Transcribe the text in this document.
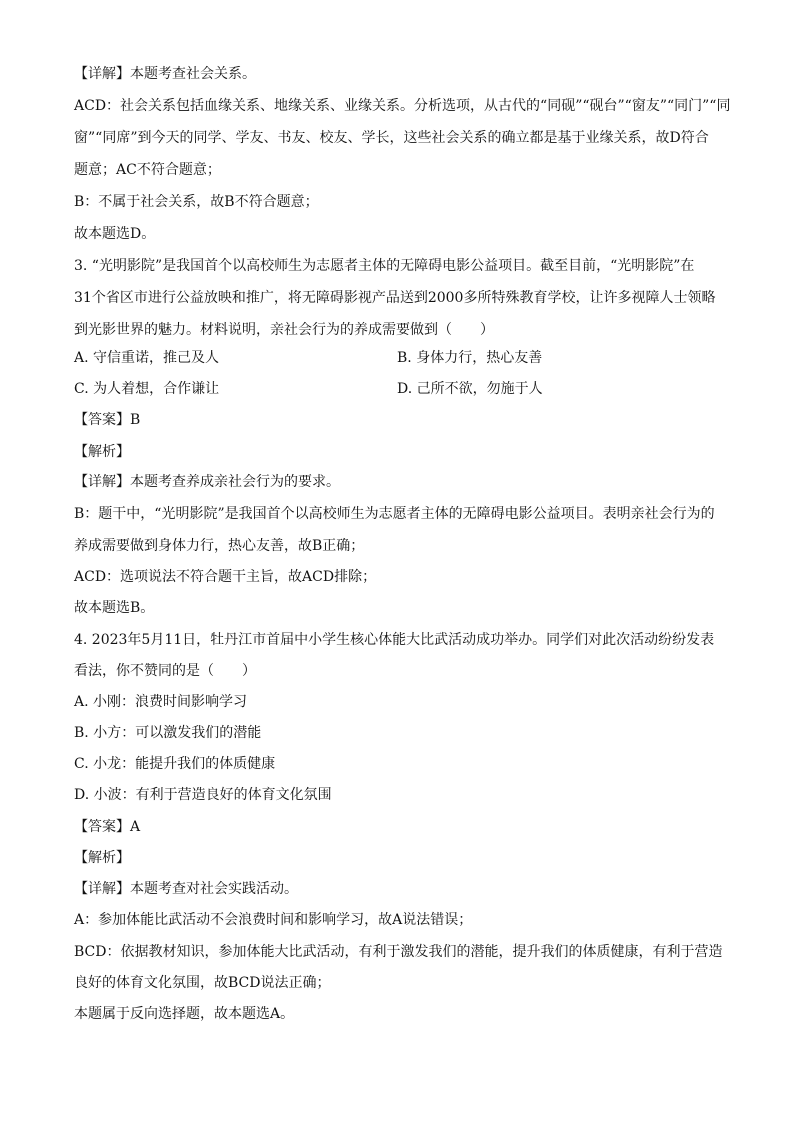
【详解】本题考查社会关系。
ACD：社会关系包括血缘关系、地缘关系、业缘关系。分析选项，从古代的“同砚”“砚台”“窗友”“同门”“同
窗”“同席”到今天的同学、学友、书友、校友、学长，这些社会关系的确立都是基于业缘关系，故D符合
题意；AC不符合题意；
B：不属于社会关系，故B不符合题意；
故本题选D。
3. “光明影院”是我国首个以高校师生为志愿者主体的无障碍电影公益项目。截至目前，“光明影院”在
31个省区市进行公益放映和推广，将无障碍影视产品送到2000多所特殊教育学校，让许多视障人士领略
到光影世界的魅力。材料说明，亲社会行为的养成需要做到（　　）
A. 守信重诺，推己及人	B. 身体力行，热心友善
C. 为人着想，合作谦让	D. 己所不欲，勿施于人
【答案】B
【解析】
【详解】本题考查养成亲社会行为的要求。
B：题干中，“光明影院”是我国首个以高校师生为志愿者主体的无障碍电影公益项目。表明亲社会行为的
养成需要做到身体力行，热心友善，故B正确；
ACD：选项说法不符合题干主旨，故ACD排除；
故本题选B。
4. 2023年5月11日，牡丹江市首届中小学生核心体能大比武活动成功举办。同学们对此次活动纷纷发表
看法，你不赞同的是（　　）
A. 小刚：浪费时间影响学习
B. 小方：可以激发我们的潜能
C. 小龙：能提升我们的体质健康
D. 小波：有利于营造良好的体育文化氛围
【答案】A
【解析】
【详解】本题考查对社会实践活动。
A：参加体能比武活动不会浪费时间和影响学习，故A说法错误；
BCD：依据教材知识，参加体能大比武活动，有利于激发我们的潜能，提升我们的体质健康，有利于营造
良好的体育文化氛围，故BCD说法正确；
本题属于反向选择题，故本题选A。
